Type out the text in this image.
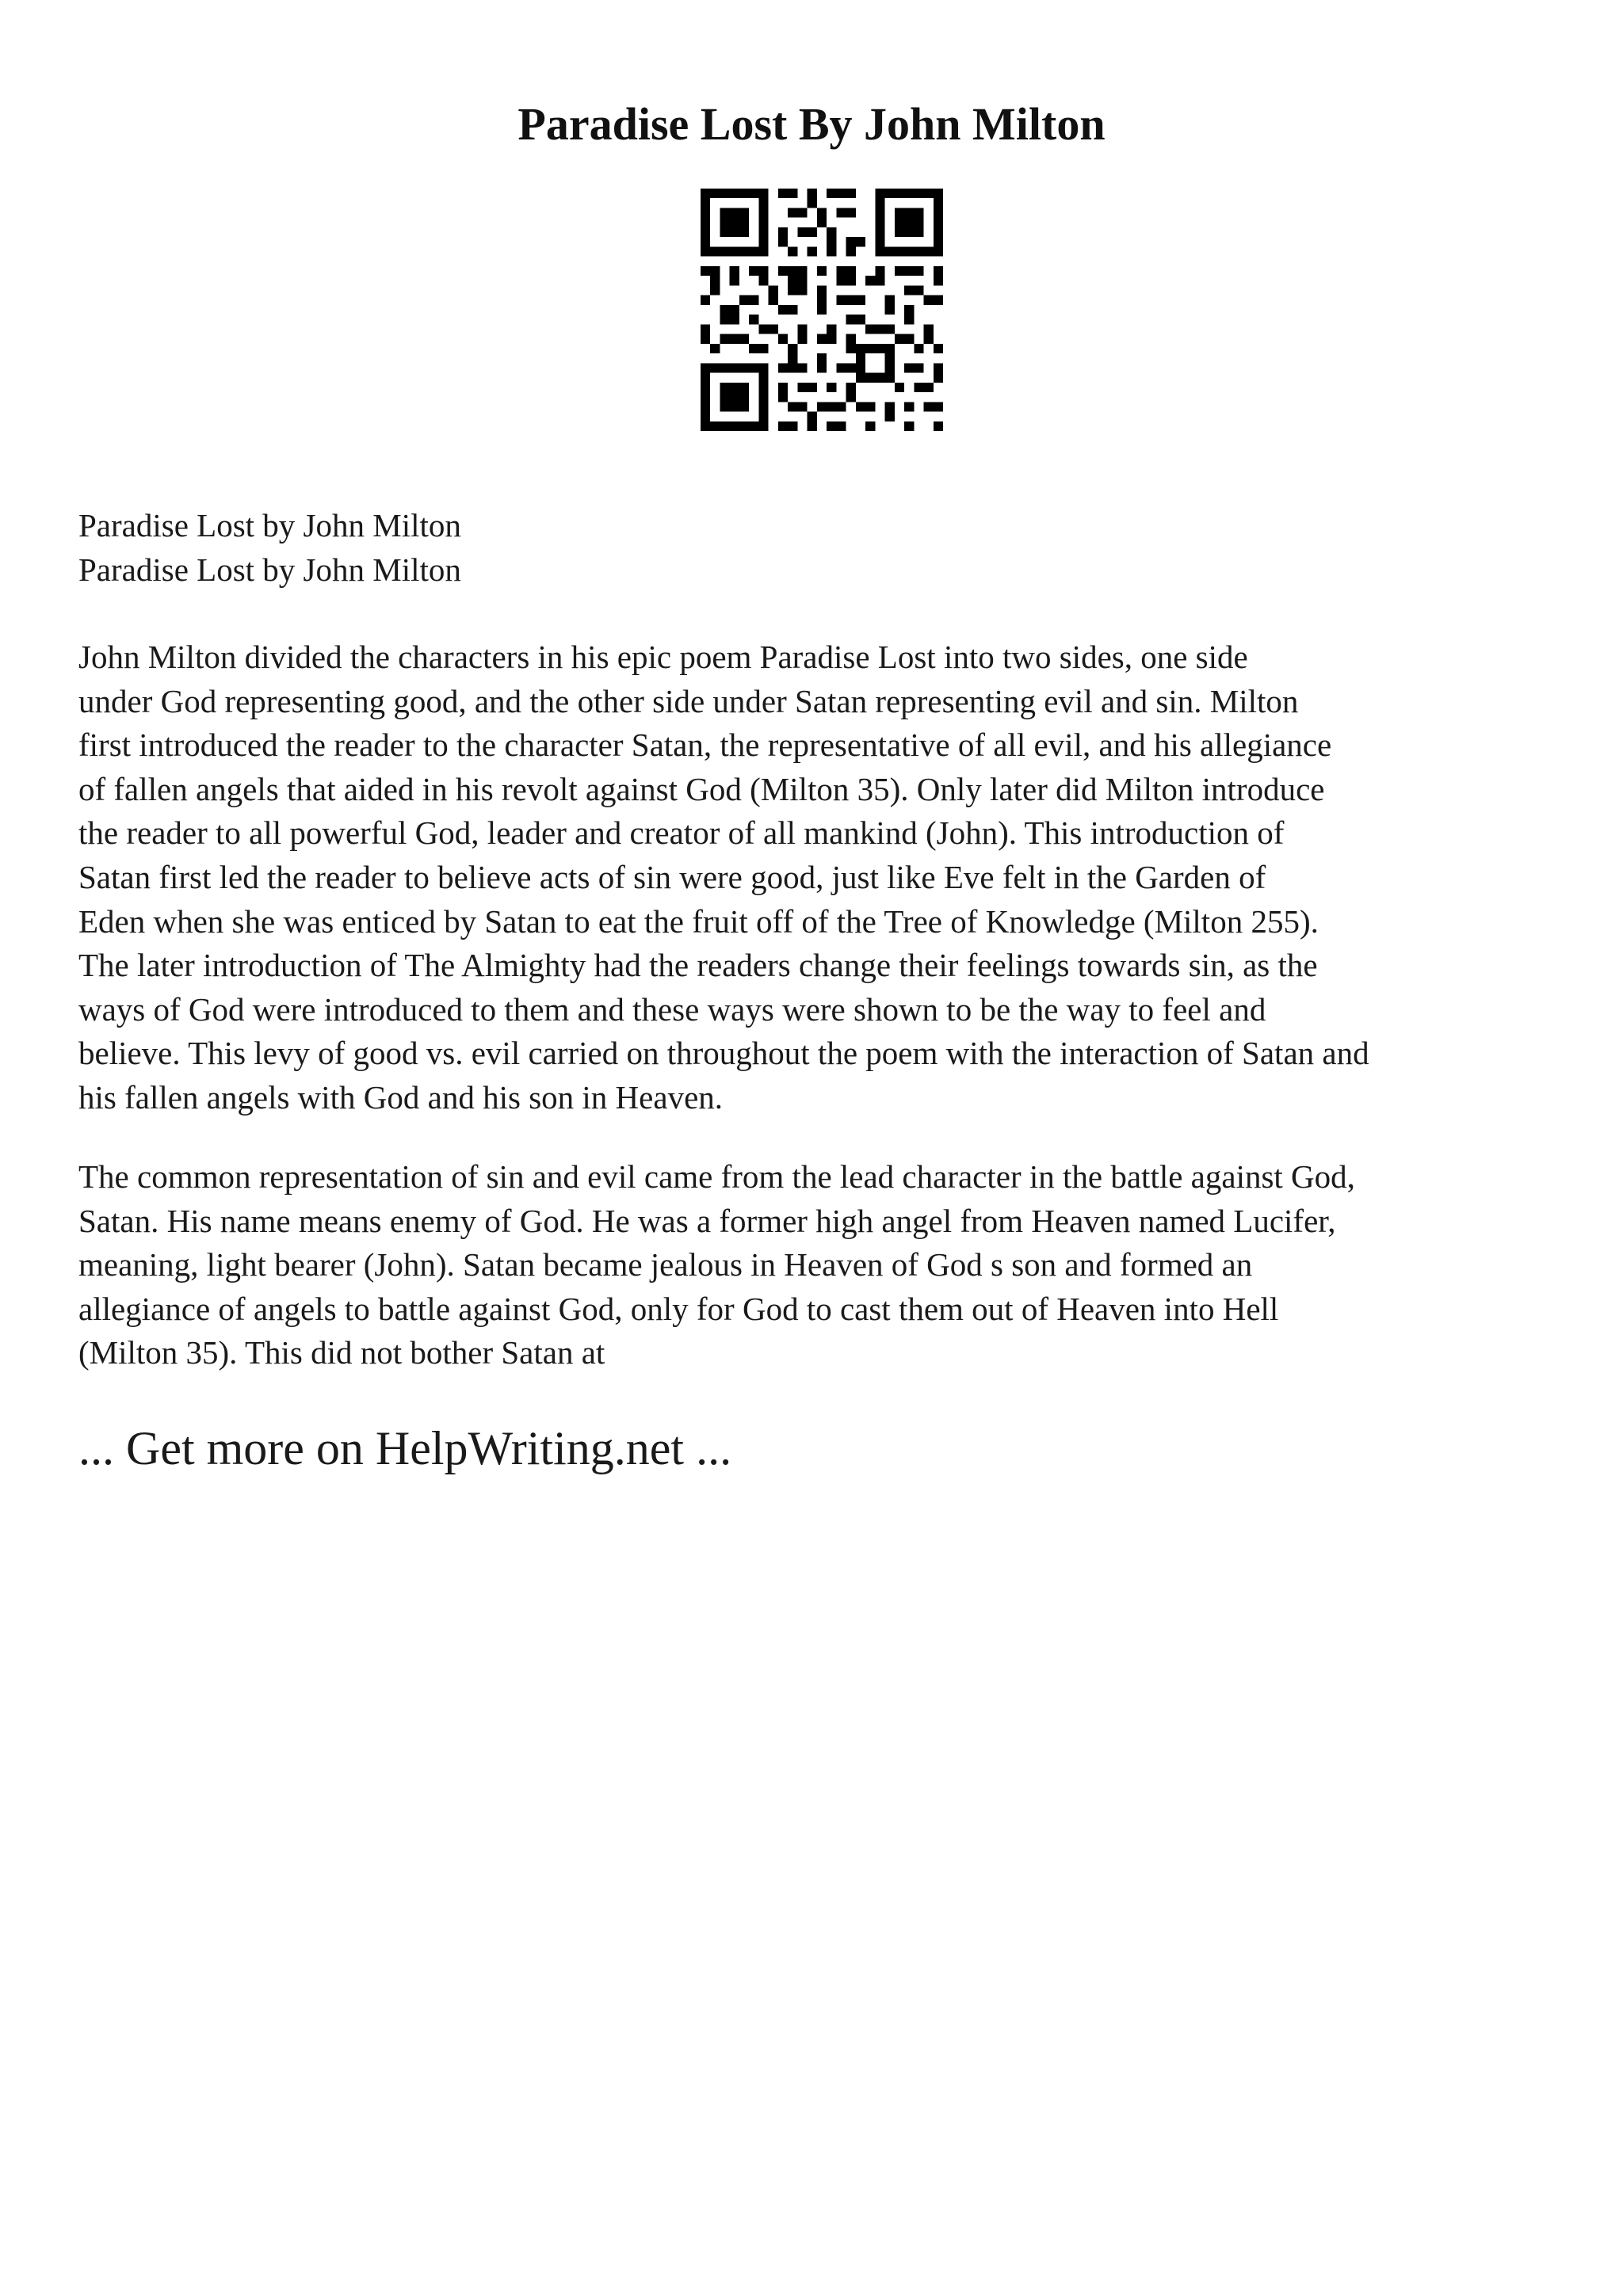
Paradise Lost By John Milton
Paradise Lost by John Milton
Paradise Lost by John Milton
John Milton divided the characters in his epic poem Paradise Lost into two sides, one side
under God representing good, and the other side under Satan representing evil and sin. Milton
first introduced the reader to the character Satan, the representative of all evil, and his allegiance
of fallen angels that aided in his revolt against God (Milton 35). Only later did Milton introduce
the reader to all powerful God, leader and creator of all mankind (John). This introduction of
Satan first led the reader to believe acts of sin were good, just like Eve felt in the Garden of
Eden when she was enticed by Satan to eat the fruit off of the Tree of Knowledge (Milton 255).
The later introduction of The Almighty had the readers change their feelings towards sin, as the
ways of God were introduced to them and these ways were shown to be the way to feel and
believe. This levy of good vs. evil carried on throughout the poem with the interaction of Satan and
his fallen angels with God and his son in Heaven.
The common representation of sin and evil came from the lead character in the battle against God,
Satan. His name means enemy of God. He was a former high angel from Heaven named Lucifer,
meaning, light bearer (John). Satan became jealous in Heaven of God s son and formed an
allegiance of angels to battle against God, only for God to cast them out of Heaven into Hell
(Milton 35). This did not bother Satan at
... Get more on HelpWriting.net ...
